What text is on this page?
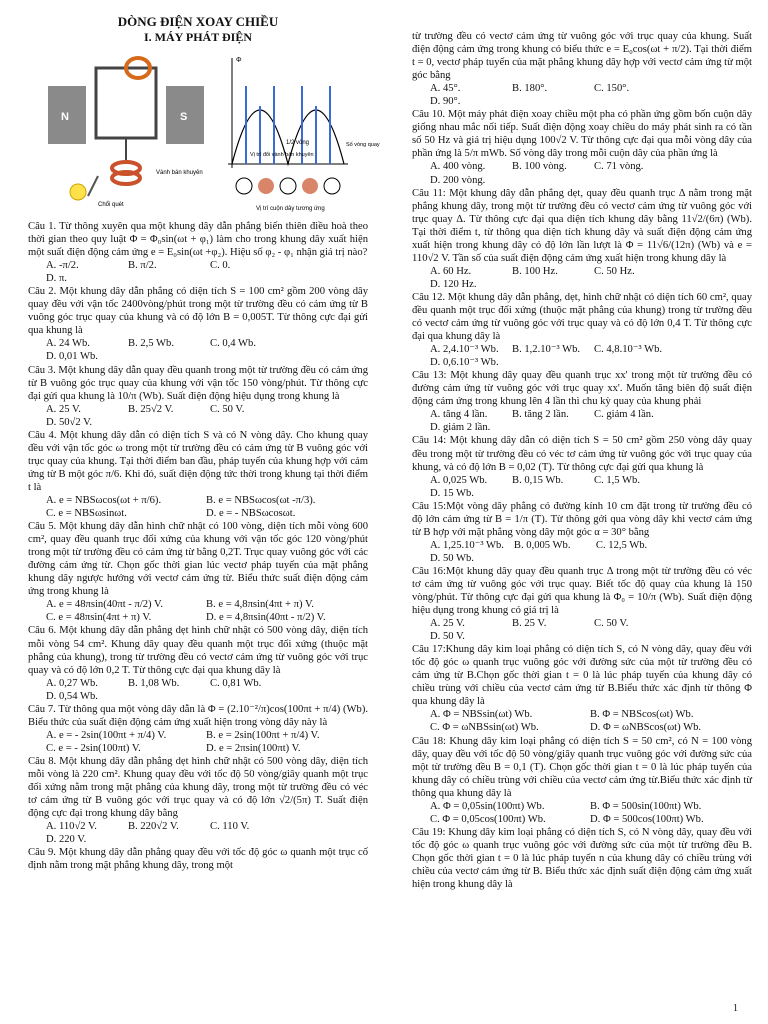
DÒNG ĐIỆN XOAY CHIỀU
I. MÁY PHÁT ĐIỆN
N	S
Vành bán khuyên
Chổi quét
Φ
1/2 vòng
Vị trí đổi vành bán khuyên
Số vòng quay
Vị trí cuộn dây tương ứng

Câu 1. Từ thông xuyên qua một khung dây dẫn phẳng biến thiên điều hoà theo thời gian theo quy luật Φ = Φ₀sin(ωt + φ₁) làm cho trong khung dây xuất hiện một suất điện động cảm ứng e = E₀sin(ωt +φ₂). Hiệu số φ₂ - φ₁ nhận giá trị nào?

A. -π/2.	B. π/2.	C. 0.
D. π.

Câu 2. Một khung dây dẫn phẳng có diện tích S = 100 cm² gồm 200 vòng dây quay đều với vận tốc 2400vòng/phút trong một từ trường đều có cảm ứng từ B vuông góc trục quay của khung và có độ lớn B = 0,005T. Từ thông cực đại gửi qua khung là

A. 24 Wb.	B. 2,5 Wb.	C. 0,4 Wb.
D. 0,01 Wb.

Câu 3. Một khung dây dẫn quay đều quanh trong một từ trường đều có cảm ứng từ B vuông góc trục quay của khung với vận tốc 150 vòng/phút. Từ thông cực đại gửi qua khung là 10/π (Wb). Suất điện động hiệu dụng trong khung là

A. 25 V.	B. 25√2 V.	C. 50 V.
D. 50√2 V.

Câu 4. Một khung dây dẫn có diện tích S và có N vòng dây. Cho khung quay đều với vận tốc góc ω trong một từ trường đều có cảm ứng từ B vuông góc với trục quay của khung. Tại thời điểm ban đầu, pháp tuyến của khung hợp với cảm ứng từ B một góc π/6. Khi đó, suất điện động tức thời trong khung tại thời điểm t là

A. e = NBSωcos(ωt + π/6).	B. e = NBSωcos(ωt -π/3).
C. e = NBSωsinωt.	D. e = - NBSωcosωt.

Câu 5. Một khung dây dẫn hình chữ nhật có 100 vòng, diện tích mỗi vòng 600 cm², quay đều quanh trục đối xứng của khung với vận tốc góc 120 vòng/phút trong một từ trường đều có cảm ứng từ bằng 0,2T. Trục quay vuông góc với các đường cảm ứng từ. Chọn gốc thời gian lúc vectơ pháp tuyến của mặt phẳng khung dây ngược hướng với vectơ cảm ứng từ. Biểu thức suất điện động cảm ứng trong khung là

A. e = 48πsin(40πt - π/2) V.	B. e = 4,8πsin(4πt + π) V.
C. e = 48πsin(4πt + π) V.	D. e = 4,8πsin(40πt - π/2) V.

Câu 6. Một khung dây dẫn phẳng dẹt hình chữ nhật có 500 vòng dây, diện tích mỗi vòng 54 cm². Khung dây quay đều quanh một trục đối xứng (thuộc mặt phẳng của khung), trong từ trường đều có vectơ cảm ứng từ vuông góc với trục quay và có độ lớn 0,2 T. Từ thông cực đại qua khung dây là

A. 0,27 Wb.	B. 1,08 Wb.	C. 0,81 Wb.
D. 0,54 Wb.

Câu 7. Từ thông qua một vòng dây dẫn là Φ = (2.10⁻²/π)cos(100πt + π/4) (Wb). Biểu thức của suất điện động cảm ứng xuất hiện trong vòng dây này là

A. e = - 2sin(100πt + π/4) V.	B. e = 2sin(100πt + π/4) V.
C. e = - 2sin(100πt) V.	D. e = 2πsin(100πt) V.

Câu 8. Một khung dây dẫn phẳng dẹt hình chữ nhật có 500 vòng dây, diện tích mỗi vòng là 220 cm². Khung quay đều với tốc độ 50 vòng/giây quanh một trục đối xứng nằm trong mặt phẳng của khung dây, trong một từ trường đều có véc tơ cảm ứng từ B vuông góc với trục quay và có độ lớn √2/(5π) T. Suất điện động cực đại trong khung dây bằng

A. 110√2 V.	B. 220√2 V.	C. 110 V.
D. 220 V.

Câu 9. Một khung dây dẫn phẳng quay đều với tốc độ góc ω quanh một trục cố định nằm trong mặt phẳng khung dây, trong một

từ trường đều có vectơ cảm ứng từ vuông góc với trục quay của khung. Suất điện động cảm ứng trong khung có biểu thức e = E₀cos(ωt + π/2). Tại thời điểm t = 0, vectơ pháp tuyến của mặt phẳng khung dây hợp với vectơ cảm ứng từ một góc bằng

A. 45°.	B. 180°.	C. 150°.
D. 90°.

Câu 10. Một máy phát điện xoay chiều một pha có phần ứng gồm bốn cuộn dây giống nhau mắc nối tiếp. Suất điện động xoay chiều do máy phát sinh ra có tần số 50 Hz và giá trị hiệu dụng 100√2 V. Từ thông cực đại qua mỗi vòng dây của phần ứng là 5/π mWb. Số vòng dây trong mỗi cuộn dây của phần ứng là

A. 400 vòng.	B. 100 vòng.	C. 71 vòng.
D. 200 vòng.

Câu 11: Một khung dây dẫn phẳng dẹt, quay đều quanh trục Δ nằm trong mặt phẳng khung dây, trong một từ trường đều có vectơ cảm ứng từ vuông góc với trục quay Δ. Từ thông cực đại qua diện tích khung dây bằng 11√2/(6π) (Wb). Tại thời điểm t, từ thông qua diện tích khung dây và suất điện động cảm ứng xuất hiện trong khung dây có độ lớn lần lượt là Φ = 11√6/(12π) (Wb) và e = 110√2 V. Tần số của suất điện động cảm ứng xuất hiện trong khung dây là

A. 60 Hz.	B. 100 Hz.	C. 50 Hz.
D. 120 Hz.

Câu 12. Một khung dây dẫn phẳng, dẹt, hình chữ nhật có diện tích 60 cm², quay đều quanh một trục đối xứng (thuộc mặt phẳng của khung) trong từ trường đều có vectơ cảm ứng từ vuông góc với trục quay và có độ lớn 0,4 T. Từ thông cực đại qua khung dây là

A. 2,4.10⁻³ Wb.	B. 1,2.10⁻³ Wb.	C. 4,8.10⁻³ Wb.
D. 0,6.10⁻³ Wb.

Câu 13: Một khung dây quay đều quanh trục xx' trong một từ trường đều có đường cảm ứng từ vuông góc với trục quay xx'. Muốn tăng biên độ suất điện động cảm ứng trong khung lên 4 lần thì chu kỳ quay của khung phải

A. tăng 4 lần.	B. tăng 2 lần.	C. giảm 4 lần.
D. giảm 2 lần.

Câu 14: Một khung dây dẫn có diện tích S = 50 cm² gồm 250 vòng dây quay đều trong một từ trường đều có véc tơ cảm ứng từ vuông góc với trục quay của khung, và có độ lớn B = 0,02 (T). Từ thông cực đại gửi qua khung là

A. 0,025 Wb.	B. 0,15 Wb.	C. 1,5 Wb.
D. 15 Wb.

Câu 15:Một vòng dây phẳng có đường kính 10 cm đặt trong từ trường đều có độ lớn cảm ứng từ B = 1/π (T). Từ thông gởi qua vòng dây khi vectơ cảm ứng từ B hợp với mặt phẳng vòng dây một góc α = 30° bằng

A. 1,25.10⁻³ Wb. B. 0,005 Wb.	C. 12,5 Wb.
D. 50 Wb.

Câu 16:Một khung dây quay đều quanh trục Δ trong một từ trường đều có véc tơ cảm ứng từ vuông góc với trục quay. Biết tốc độ quay của khung là 150 vòng/phút. Từ thông cực đại gửi qua khung là Φ₀ = 10/π (Wb). Suất điện động hiệu dụng trong khung có giá trị là

A. 25 V.	B. 25 V.	C. 50 V.
D. 50 V.

Câu 17:Khung dây kim loại phẳng có diện tích S, có N vòng dây, quay đều với tốc độ góc ω quanh trục vuông góc với đường sức của một từ trường đều có cảm ứng từ B.Chọn gốc thời gian t = 0 là lúc pháp tuyến của khung dây có chiều trùng với chiều của vectơ cảm ứng từ B.Biểu thức xác định từ thông Φ qua khung dây là

A. Φ = NBSsin(ωt) Wb.	B. Φ = NBScos(ωt) Wb.
C. Φ = ωNBSsin(ωt) Wb.	D. Φ = ωNBScos(ωt) Wb.

Câu 18: Khung dây kim loại phẳng có diện tích S = 50 cm², có N = 100 vòng dây, quay đều với tốc độ 50 vòng/giây quanh trục vuông góc với đường sức của một từ trường đều B = 0,1 (T). Chọn gốc thời gian t = 0 là lúc pháp tuyến của khung dây có chiều trùng với chiều của vectơ cảm ứng từ.Biểu thức xác định từ thông qua khung dây là

A. Φ = 0,05sin(100πt) Wb.	B. Φ = 500sin(100πt) Wb.
C. Φ = 0,05cos(100πt) Wb.	D. Φ = 500cos(100πt) Wb.

Câu 19: Khung dây kim loại phẳng có diện tích S, có N vòng dây, quay đều với tốc độ góc ω quanh trục vuông góc với đường sức của một từ trường đều B. Chọn gốc thời gian t = 0 là lúc pháp tuyến n của khung dây có chiều trùng với chiều của vectơ cảm ứng từ B. Biểu thức xác định suất điện động cảm ứng xuất hiện trong khung dây là

1
